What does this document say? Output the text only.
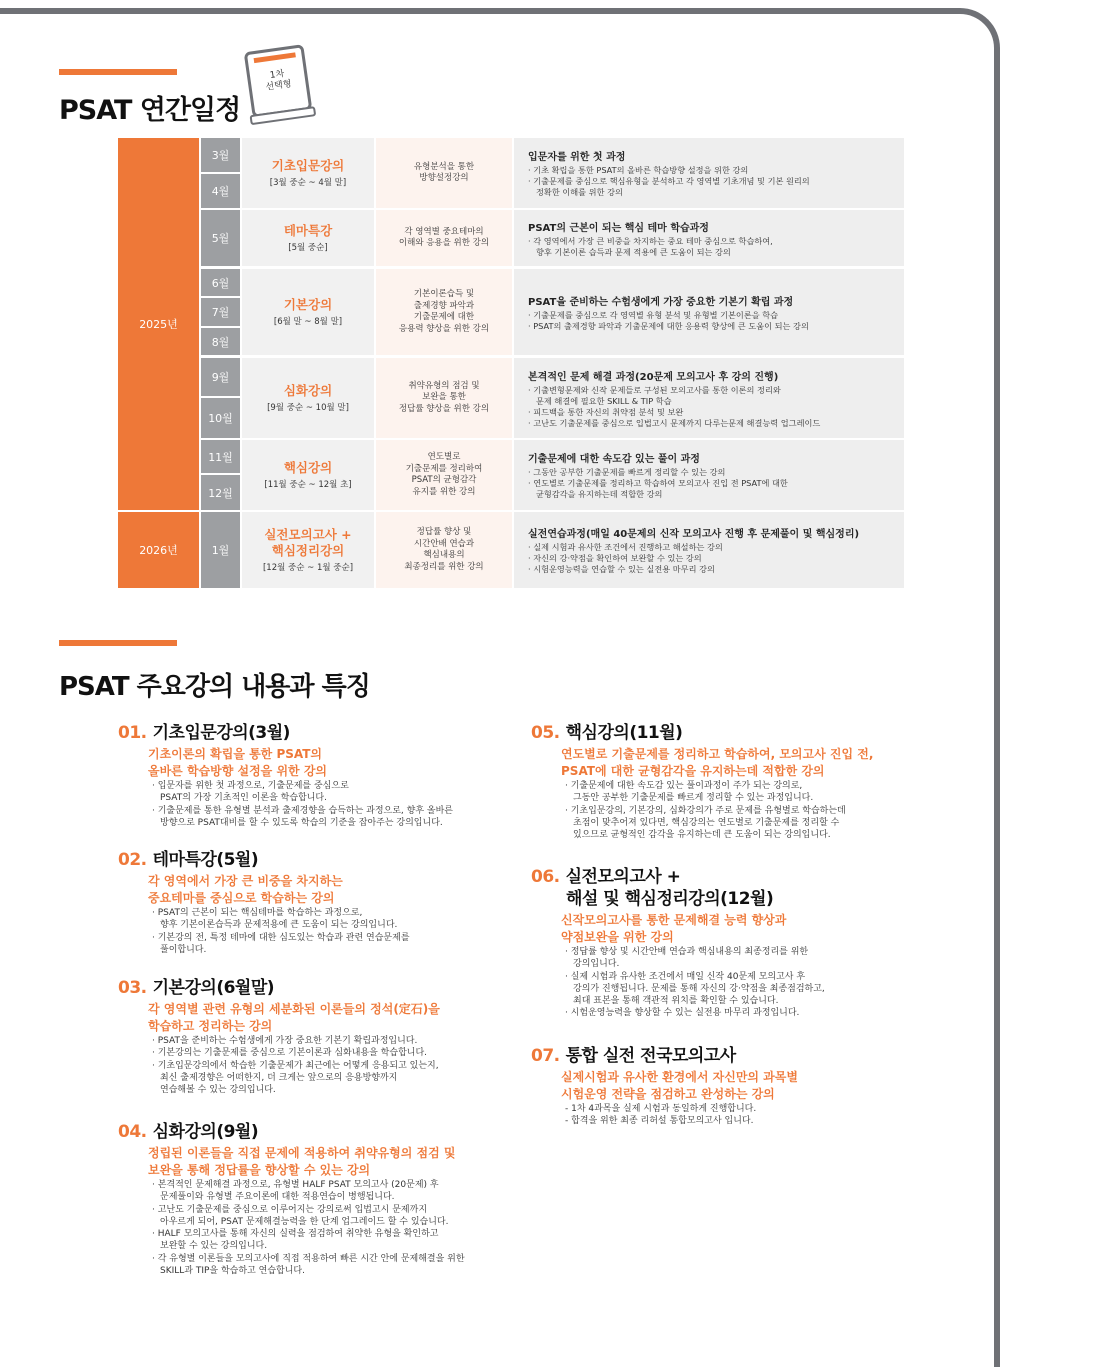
PSAT 연간일정
1차
선택형
2025년
2026년
3월
4월
5월
6월
7월
8월
9월
10월
11월
12월
1월
기초입문강의
[3월 중순 ~ 4월 말]
유형분석을 통한
방향설정강의
입문자를 위한 첫 과정
· 기초 확립을 통한 PSAT의 올바른 학습방향 설정을 위한 강의
· 기출문제를 중심으로 핵심유형을 분석하고 각 영역별 기초개념 및 기본 원리의
정확한 이해를 위한 강의
테마특강
[5월 중순]
각 영역별 중요테마의
이해와 응용을 위한 강의
PSAT의 근본이 되는 핵심 테마 학습과정
· 각 영역에서 가장 큰 비중을 차지하는 중요 테마 중심으로 학습하여,
향후 기본이론 습득과 문제 적용에 큰 도움이 되는 강의
기본강의
[6월 말 ~ 8월 말]
기본이론습득 및
출제경향 파악과
기출문제에 대한
응용력 향상을 위한 강의
PSAT을 준비하는 수험생에게 가장 중요한 기본기 확립 과정
· 기출문제를 중심으로 각 영역별 유형 분석 및 유형별 기본이론을 학습
· PSAT의 출제경향 파악과 기출문제에 대한 응용력 향상에 큰 도움이 되는 강의
심화강의
[9월 중순 ~ 10월 말]
취약유형의 점검 및
보완을 통한
정답률 향상을 위한 강의
본격적인 문제 해결 과정(20문제 모의고사 후 강의 진행)
· 기출변형문제와 신작 문제들로 구성된 모의고사를 통한 이론의 정리와
문제 해결에 필요한 SKILL & TIP 학습
· 피드백을 통한 자신의 취약점 분석 및 보완
· 고난도 기출문제를 중심으로 입법고시 문제까지 다루는문제 해결능력 업그레이드
핵심강의
[11월 중순 ~ 12월 초]
연도별로
기출문제를 정리하여
PSAT의 균형감각
유지를 위한 강의
기출문제에 대한 속도감 있는 풀이 과정
· 그동안 공부한 기출문제를 빠르게 정리할 수 있는 강의
· 연도별로 기출문제를 정리하고 학습하여 모의고사 진입 전 PSAT에 대한
균형감각을 유지하는데 적합한 강의
실전모의고사 +
핵심정리강의
[12월 중순 ~ 1월 중순]
정답률 향상 및
시간안배 연습과
핵심내용의
최종정리를 위한 강의
실전연습과정(매일 40문제의 신작 모의고사 진행 후 문제풀이 및 핵심정리)
· 실제 시험과 유사한 조건에서 진행하고 해설하는 강의
· 자신의 강·약점을 확인하여 보완할 수 있는 강의
· 시험운영능력을 연습할 수 있는 실전용 마무리 강의
PSAT 주요강의 내용과 특징
01. 기초입문강의(3월)
기초이론의 확립을 통한 PSAT의
올바른 학습방향 설정을 위한 강의
· 입문자를 위한 첫 과정으로, 기출문제를 중심으로
PSAT의 가장 기초적인 이론을 학습합니다.
· 기출문제를 통한 유형별 분석과 출제경향을 습득하는 과정으로, 향후 올바른
방향으로 PSAT대비를 할 수 있도록 학습의 기준을 잡아주는 강의입니다.
02. 테마특강(5월)
각 영역에서 가장 큰 비중을 차지하는
중요테마를 중심으로 학습하는 강의
· PSAT의 근본이 되는 핵심테마를 학습하는 과정으로,
향후 기본이론습득과 문제적용에 큰 도움이 되는 강의입니다.
· 기본강의 전, 특정 테마에 대한 심도있는 학습과 관련 연습문제를
풀이합니다.
03. 기본강의(6월말)
각 영역별 관련 유형의 세분화된 이론들의 정석(定石)을
학습하고 정리하는 강의
· PSAT을 준비하는 수험생에게 가장 중요한 기본기 확립과정입니다.
· 기본강의는 기출문제를 중심으로 기본이론과 심화내용을 학습합니다.
· 기초입문강의에서 학습한 기출문제가 최근에는 어떻게 응용되고 있는지,
최신 출제경향은 어떠한지, 더 크게는 앞으로의 응용방향까지
연습해볼 수 있는 강의입니다.
04. 심화강의(9월)
정립된 이론들을 직접 문제에 적용하여 취약유형의 점검 및
보완을 통해 정답률을 향상할 수 있는 강의
· 본격적인 문제해결 과정으로, 유형별 HALF PSAT 모의고사 (20문제) 후
문제풀이와 유형별 주요이론에 대한 적용연습이 병행됩니다.
· 고난도 기출문제를 중심으로 이루어지는 강의로써 입법고시 문제까지
아우르게 되어, PSAT 문제해결능력을 한 단계 업그레이드 할 수 있습니다.
· HALF 모의고사를 통해 자신의 실력을 점검하여 취약한 유형을 확인하고
보완할 수 있는 강의입니다.
· 각 유형별 이론들을 모의고사에 직접 적용하여 빠른 시간 안에 문제해결을 위한
SKILL과 TIP을 학습하고 연습합니다.
05. 핵심강의(11월)
연도별로 기출문제를 정리하고 학습하여, 모의고사 진입 전,
PSAT에 대한 균형감각을 유지하는데 적합한 강의
· 기출문제에 대한 속도감 있는 풀이과정이 주가 되는 강의로,
그동안 공부한 기출문제를 빠르게 정리할 수 있는 과정입니다.
· 기초입문강의, 기본강의, 심화강의가 주로 문제를 유형별로 학습하는데
초점이 맞추어져 있다면, 핵심강의는 연도별로 기출문제를 정리할 수
있으므로 균형적인 감각을 유지하는데 큰 도움이 되는 강의입니다.
06. 실전모의고사 +
해설 및 핵심정리강의(12월)
신작모의고사를 통한 문제해결 능력 향상과
약점보완을 위한 강의
· 정답률 향상 및 시간안배 연습과 핵심내용의 최종정리를 위한
강의입니다.
· 실제 시험과 유사한 조건에서 매일 신작 40문제 모의고사 후
강의가 진행됩니다. 문제를 통해 자신의 강·약점을 최종점검하고,
최대 표본을 통해 객관적 위치를 확인할 수 있습니다.
· 시험운영능력을 향상할 수 있는 실전용 마무리 과정입니다.
07. 통합 실전 전국모의고사
실제시험과 유사한 환경에서 자신만의 과목별
시험운영 전략을 점검하고 완성하는 강의
- 1차 4과목을 실제 시험과 동일하게 진행합니다.
- 합격을 위한 최종 리허설 통합모의고사 입니다.
